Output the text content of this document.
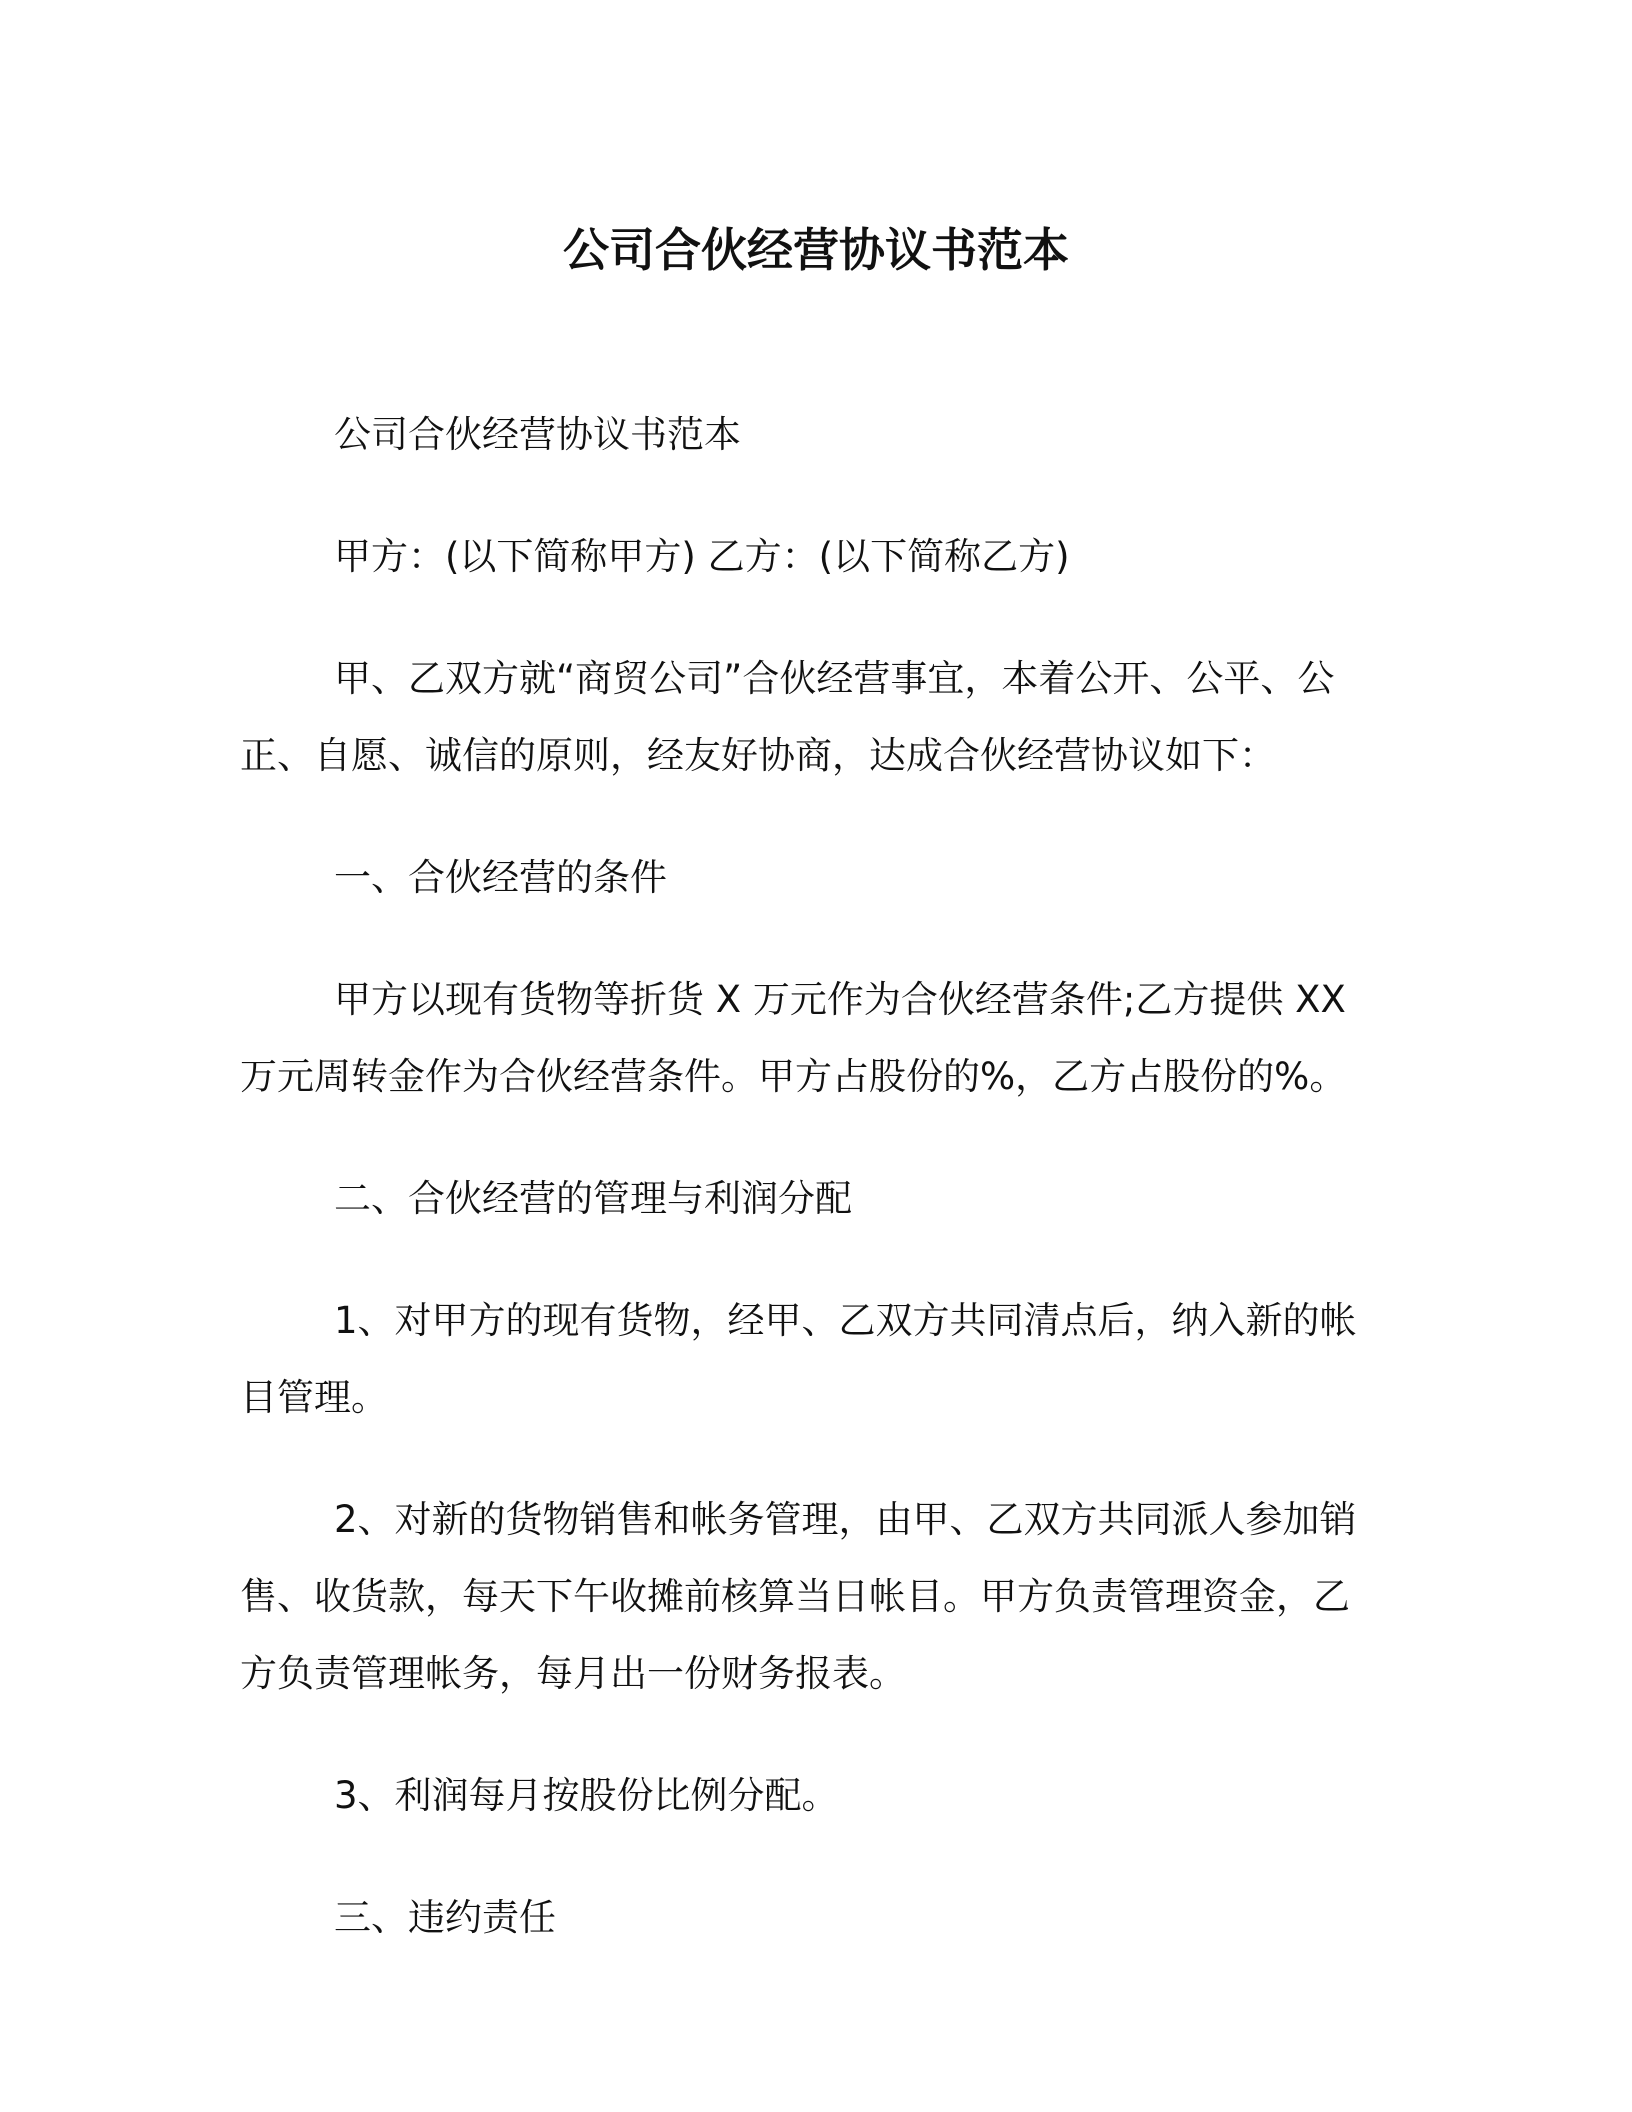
公司合伙经营协议书范本

公司合伙经营协议书范本

甲方：(以下简称甲方) 乙方：(以下简称乙方)

甲、乙双方就“商贸公司”合伙经营事宜，本着公开、公平、公正、自愿、诚信的原则，经友好协商，达成合伙经营协议如下：

一、合伙经营的条件

甲方以现有货物等折货 X 万元作为合伙经营条件;乙方提供 XX 万元周转金作为合伙经营条件。甲方占股份的%，乙方占股份的%。

二、合伙经营的管理与利润分配

1、对甲方的现有货物，经甲、乙双方共同清点后，纳入新的帐目管理。

2、对新的货物销售和帐务管理，由甲、乙双方共同派人参加销售、收货款，每天下午收摊前核算当日帐目。甲方负责管理资金，乙方负责管理帐务，每月出一份财务报表。

3、利润每月按股份比例分配。

三、违约责任
